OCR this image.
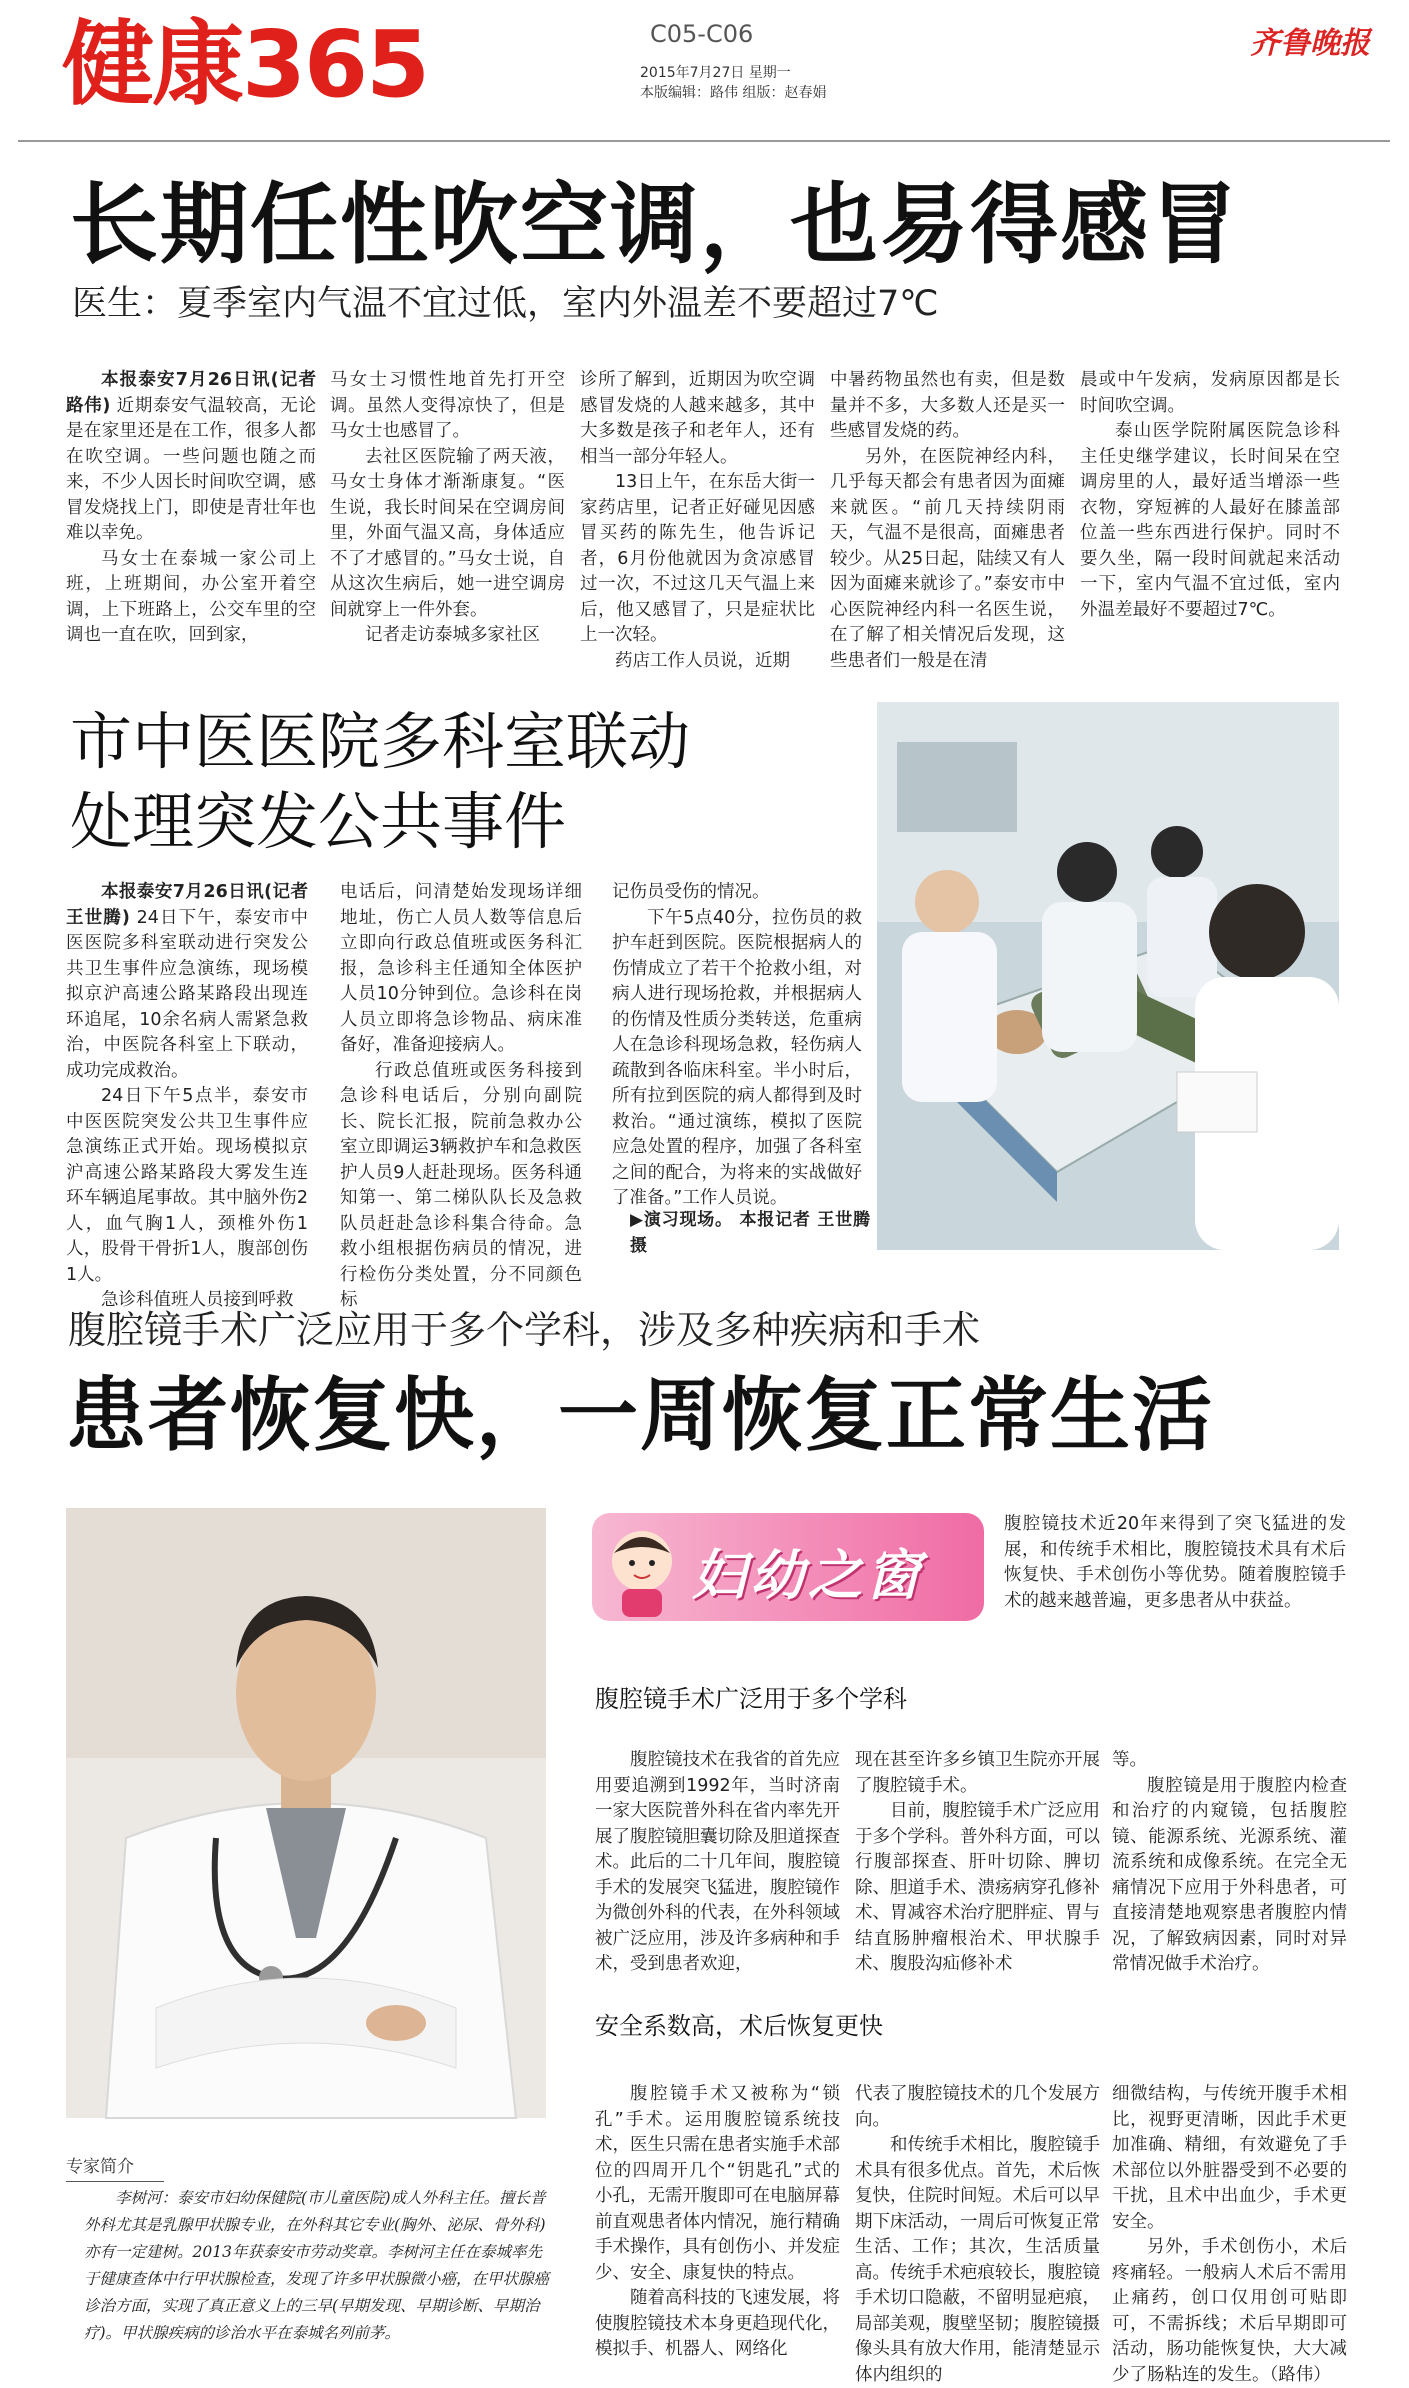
健康365	C05-C06
2015年7月27日 星期一
本版编辑：路伟 组版：赵春娟
齐鲁晚报
长期任性吹空调，也易得感冒
医生：夏季室内气温不宜过低，室内外温差不要超过7℃

本报泰安7月26日讯(记者 路伟) 近期泰安气温较高，无论是在家里还是在工作，很多人都在吹空调。一些问题也随之而来，不少人因长时间吹空调，感冒发烧找上门，即使是青壮年也难以幸免。

马女士在泰城一家公司上班，上班期间，办公室开着空调，上下班路上，公交车里的空调也一直在吹，回到家，

马女士习惯性地首先打开空调。虽然人变得凉快了，但是马女士也感冒了。

去社区医院输了两天液，马女士身体才渐渐康复。“医生说，我长时间呆在空调房间里，外面气温又高，身体适应不了才感冒的。”马女士说，自从这次生病后，她一进空调房间就穿上一件外套。

记者走访泰城多家社区

诊所了解到，近期因为吹空调感冒发烧的人越来越多，其中大多数是孩子和老年人，还有相当一部分年轻人。

13日上午，在东岳大街一家药店里，记者正好碰见因感冒买药的陈先生，他告诉记者，6月份他就因为贪凉感冒过一次，不过这几天气温上来后，他又感冒了，只是症状比上一次轻。

药店工作人员说，近期

中暑药物虽然也有卖，但是数量并不多，大多数人还是买一些感冒发烧的药。

另外，在医院神经内科，几乎每天都会有患者因为面瘫来就医。“前几天持续阴雨天，气温不是很高，面瘫患者较少。从25日起，陆续又有人因为面瘫来就诊了。”泰安市中心医院神经内科一名医生说，在了解了相关情况后发现，这些患者们一般是在清

晨或中午发病，发病原因都是长时间吹空调。

泰山医学院附属医院急诊科主任史继学建议，长时间呆在空调房里的人，最好适当增添一些衣物，穿短裤的人最好在膝盖部位盖一些东西进行保护。同时不要久坐，隔一段时间就起来活动一下，室内气温不宜过低，室内外温差最好不要超过7℃。

市中医医院多科室联动
处理突发公共事件

本报泰安7月26日讯(记者 王世腾) 24日下午，泰安市中医医院多科室联动进行突发公共卫生事件应急演练，现场模拟京沪高速公路某路段出现连环追尾，10余名病人需紧急救治，中医院各科室上下联动，成功完成救治。

24日下午5点半，泰安市中医医院突发公共卫生事件应急演练正式开始。现场模拟京沪高速公路某路段大雾发生连环车辆追尾事故。其中脑外伤2人，血气胸1人，颈椎外伤1人，股骨干骨折1人，腹部创伤1人。

急诊科值班人员接到呼救

电话后，问清楚始发现场详细地址，伤亡人员人数等信息后立即向行政总值班或医务科汇报，急诊科主任通知全体医护人员10分钟到位。急诊科在岗人员立即将急诊物品、病床准备好，准备迎接病人。

行政总值班或医务科接到急诊科电话后，分别向副院长、院长汇报，院前急救办公室立即调运3辆救护车和急救医护人员9人赶赴现场。医务科通知第一、第二梯队队长及急救队员赶赴急诊科集合待命。急救小组根据伤病员的情况，进行检伤分类处置，分不同颜色标

记伤员受伤的情况。

下午5点40分，拉伤员的救护车赶到医院。医院根据病人的伤情成立了若干个抢救小组，对病人进行现场抢救，并根据病人的伤情及性质分类转送，危重病人在急诊科现场急救，轻伤病人疏散到各临床科室。半小时后，所有拉到医院的病人都得到及时救治。“通过演练，模拟了医院应急处置的程序，加强了各科室之间的配合，为将来的实战做好了准备。”工作人员说。

▶演习现场。 本报记者 王世腾 摄
腹腔镜手术广泛应用于多个学科，涉及多种疾病和手术
患者恢复快，一周恢复正常生活
专家简介

李树河：泰安市妇幼保健院(市儿童医院)成人外科主任。擅长普外科尤其是乳腺甲状腺专业，在外科其它专业(胸外、泌尿、骨外科)亦有一定建树。2013年获泰安市劳动奖章。李树河主任在泰城率先于健康查体中行甲状腺检查，发现了许多甲状腺微小癌，在甲状腺癌诊治方面，实现了真正意义上的三早(早期发现、早期诊断、早期治疗)。甲状腺疾病的诊治水平在泰城名列前茅。

妇幼之窗
腹腔镜技术近20年来得到了突飞猛进的发展，和传统手术相比，腹腔镜技术具有术后恢复快、手术创伤小等优势。随着腹腔镜手术的越来越普遍，更多患者从中获益。
腹腔镜手术广泛用于多个学科

腹腔镜技术在我省的首先应用要追溯到1992年，当时济南一家大医院普外科在省内率先开展了腹腔镜胆囊切除及胆道探查术。此后的二十几年间，腹腔镜手术的发展突飞猛进，腹腔镜作为微创外科的代表，在外科领域被广泛应用，涉及许多病种和手术，受到患者欢迎，

现在甚至许多乡镇卫生院亦开展了腹腔镜手术。

目前，腹腔镜手术广泛应用于多个学科。普外科方面，可以行腹部探查、肝叶切除、脾切除、胆道手术、溃疡病穿孔修补术、胃减容术治疗肥胖症、胃与结直肠肿瘤根治术、甲状腺手术、腹股沟疝修补术

等。

腹腔镜是用于腹腔内检查和治疗的内窥镜，包括腹腔镜、能源系统、光源系统、灌流系统和成像系统。在完全无痛情况下应用于外科患者，可直接清楚地观察患者腹腔内情况，了解致病因素，同时对异常情况做手术治疗。

安全系数高，术后恢复更快

腹腔镜手术又被称为“锁孔”手术。运用腹腔镜系统技术，医生只需在患者实施手术部位的四周开几个“钥匙孔”式的小孔，无需开腹即可在电脑屏幕前直观患者体内情况，施行精确手术操作，具有创伤小、并发症少、安全、康复快的特点。

随着高科技的飞速发展，将使腹腔镜技术本身更趋现代化，模拟手、机器人、网络化

代表了腹腔镜技术的几个发展方向。

和传统手术相比，腹腔镜手术具有很多优点。首先，术后恢复快，住院时间短。术后可以早期下床活动，一周后可恢复正常生活、工作；其次，生活质量高。传统手术疤痕较长，腹腔镜手术切口隐蔽，不留明显疤痕，局部美观，腹壁坚韧；腹腔镜摄像头具有放大作用，能清楚显示体内组织的

细微结构，与传统开腹手术相比，视野更清晰，因此手术更加准确、精细，有效避免了手术部位以外脏器受到不必要的干扰，且术中出血少，手术更安全。

另外，手术创伤小，术后疼痛轻。一般病人术后不需用止痛药，创口仅用创可贴即可，不需拆线；术后早期即可活动，肠功能恢复快，大大减少了肠粘连的发生。（路伟）
